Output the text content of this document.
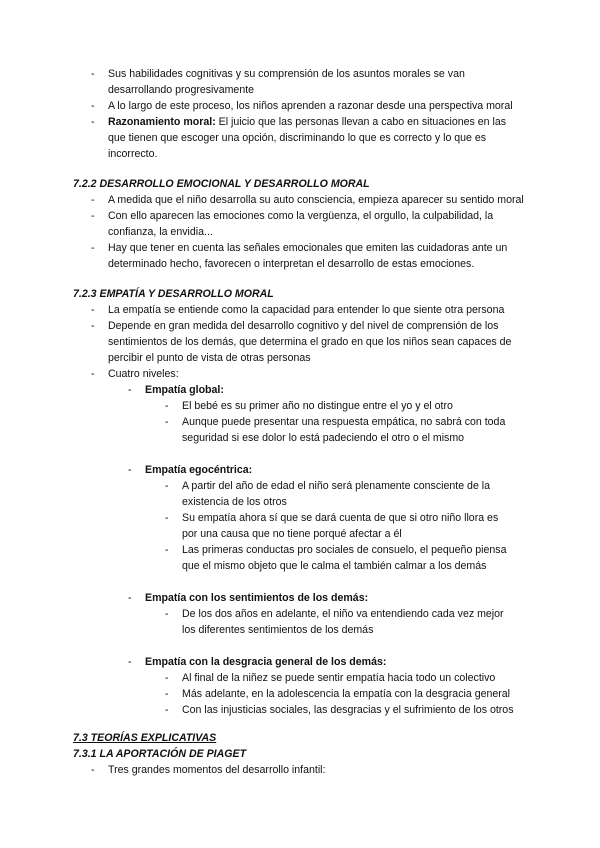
- Sus habilidades cognitivas y su comprensión de los asuntos morales se van desarrollando progresivamente
- A lo largo de este proceso, los niños aprenden a razonar desde una perspectiva moral
- Razonamiento moral: El juicio que las personas llevan a cabo en situaciones en las que tienen que escoger una opción, discriminando lo que es correcto y lo que es incorrecto.
7.2.2 DESARROLLO EMOCIONAL Y DESARROLLO MORAL
- A medida que el niño desarrolla su auto consciencia, empieza aparecer su sentido moral
- Con ello aparecen las emociones como la vergüenza, el orgullo, la culpabilidad, la confianza, la envidia...
- Hay que tener en cuenta las señales emocionales que emiten las cuidadoras ante un determinado hecho, favorecen o interpretan el desarrollo de estas emociones.
7.2.3 EMPATÍA Y DESARROLLO MORAL
- La empatía se entiende como la capacidad para entender lo que siente otra persona
- Depende en gran medida del desarrollo cognitivo y del nivel de comprensión de los sentimientos de los demás, que determina el grado en que los niños sean capaces de percibir el punto de vista de otras personas
- Cuatro niveles:
- Empatía global:
- El bebé es su primer año no distingue entre el yo y el otro
- Aunque puede presentar una respuesta empática, no sabrá con toda seguridad si ese dolor lo está padeciendo el otro o el mismo
- Empatía egocéntrica:
- A partir del año de edad el niño será plenamente consciente de la existencia de los otros
- Su empatía ahora sí que se dará cuenta de que si otro niño llora es por una causa que no tiene porqué afectar a él
- Las primeras conductas pro sociales de consuelo, el pequeño piensa que el mismo objeto que le calma el también calmar a los demás
- Empatía con los sentimientos de los demás:
- De los dos años en adelante, el niño va entendiendo cada vez mejor los diferentes sentimientos de los demás
- Empatía con la desgracia general de los demás:
- Al final de la niñez se puede sentir empatía hacia todo un colectivo
- Más adelante, en la adolescencia la empatía con la desgracia general
- Con las injusticias sociales, las desgracias y el sufrimiento de los otros
7.3 TEORÍAS EXPLICATIVAS
7.3.1 LA APORTACIÓN DE PIAGET
- Tres grandes momentos del desarrollo infantil:
